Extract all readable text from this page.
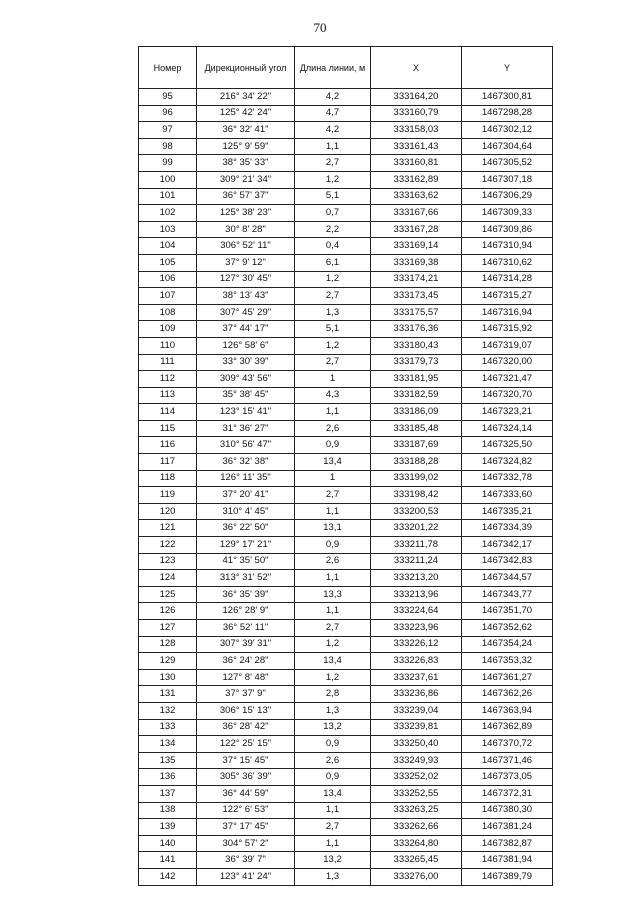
70
Номер	Дирекционный угол	Длина линии, м	X	Y
95	216° 34' 22"	4,2	333164,20	1467300,81
96	125° 42' 24"	4,7	333160,79	1467298,28
97	36° 32' 41"	4,2	333158,03	1467302,12
98	125° 9' 59"	1,1	333161,43	1467304,64
99	38° 35' 33"	2,7	333160,81	1467305,52
100	309° 21' 34"	1,2	333162,89	1467307,18
101	36° 57' 37"	5,1	333163,62	1467306,29
102	125° 38' 23"	0,7	333167,66	1467309,33
103	30° 8' 28"	2,2	333167,28	1467309,86
104	306° 52' 11"	0,4	333169,14	1467310,94
105	37° 9' 12"	6,1	333169,38	1467310,62
106	127° 30' 45"	1,2	333174,21	1467314,28
107	38° 13' 43"	2,7	333173,45	1467315,27
108	307° 45' 29"	1,3	333175,57	1467316,94
109	37° 44' 17"	5,1	333176,36	1467315,92
110	126° 58' 6"	1,2	333180,43	1467319,07
111	33° 30' 39"	2,7	333179,73	1467320,00
112	309° 43' 56"	1	333181,95	1467321,47
113	35° 38' 45"	4,3	333182,59	1467320,70
114	123° 15' 41"	1,1	333186,09	1467323,21
115	31° 36' 27"	2,6	333185,48	1467324,14
116	310° 56' 47"	0,9	333187,69	1467325,50
117	36° 32' 38"	13,4	333188,28	1467324,82
118	126° 11' 35"	1	333199,02	1467332,78
119	37° 20' 41"	2,7	333198,42	1467333,60
120	310° 4' 45"	1,1	333200,53	1467335,21
121	36° 22' 50"	13,1	333201,22	1467334,39
122	129° 17' 21"	0,9	333211,78	1467342,17
123	41° 35' 50"	2,6	333211,24	1467342,83
124	313° 31' 52"	1,1	333213,20	1467344,57
125	36° 35' 39"	13,3	333213,96	1467343,77
126	126° 28' 9"	1,1	333224,64	1467351,70
127	36° 52' 11"	2,7	333223,96	1467352,62
128	307° 39' 31"	1,2	333226,12	1467354,24
129	36° 24' 28"	13,4	333226,83	1467353,32
130	127° 8' 48"	1,2	333237,61	1467361,27
131	37° 37' 9"	2,8	333236,86	1467362,26
132	306° 15' 13"	1,3	333239,04	1467363,94
133	36° 28' 42"	13,2	333239,81	1467362,89
134	122° 25' 15"	0,9	333250,40	1467370,72
135	37° 15' 45"	2,6	333249,93	1467371,46
136	305° 36' 39"	0,9	333252,02	1467373,05
137	36° 44' 59"	13,4	333252,55	1467372,31
138	122° 6' 53"	1,1	333263,25	1467380,30
139	37° 17' 45"	2,7	333262,66	1467381,24
140	304° 57' 2"	1,1	333264,80	1467382,87
141	36° 39' 7"	13,2	333265,45	1467381,94
142	123° 41' 24"	1,3	333276,00	1467389,79
